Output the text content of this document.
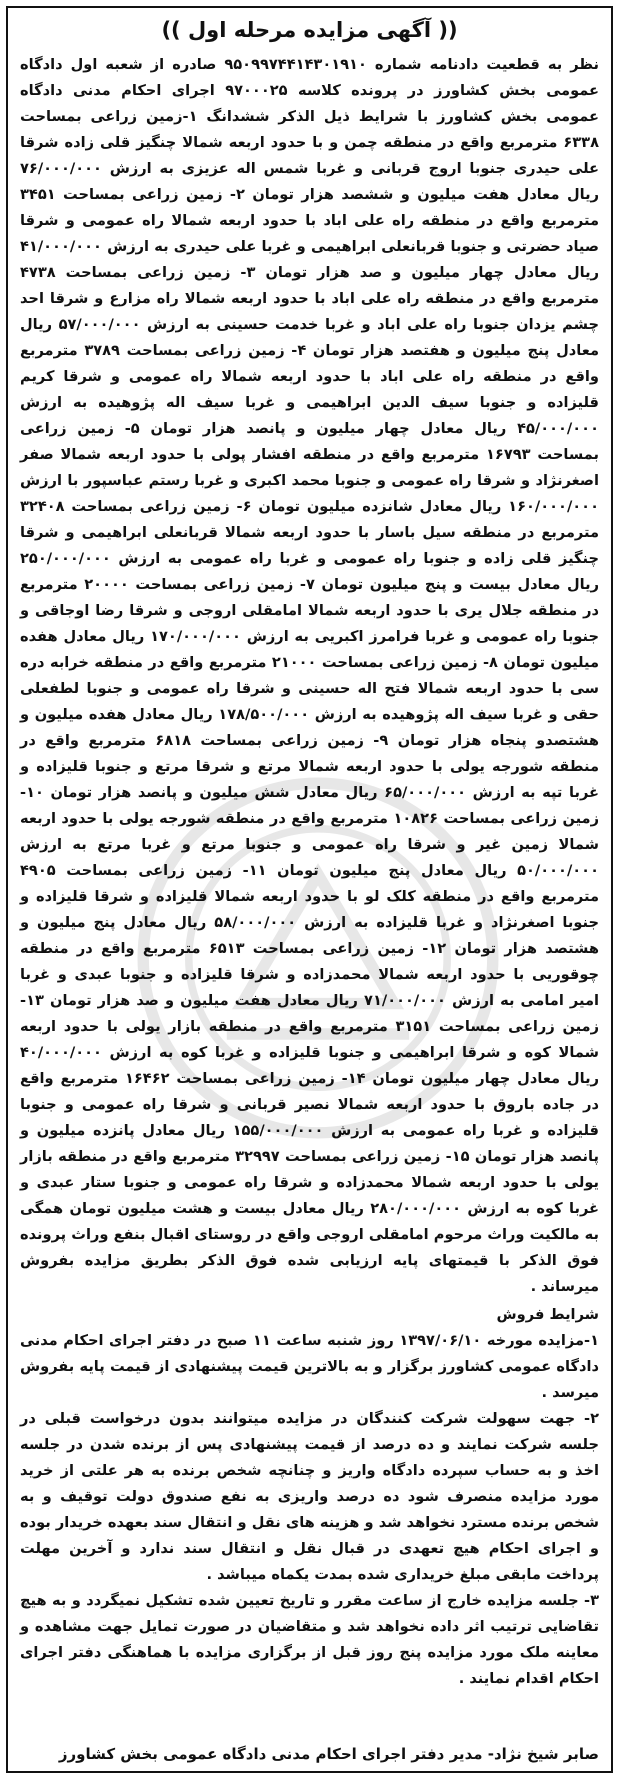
(( آگهی مزایده مرحله اول ))

نظر به قطعیت دادنامه شماره ۹۵۰۹۹۷۴۴۱۴۳۰۱۹۱۰ صادره از شعبه اول دادگاه عمومی بخش کشاورز در پرونده کلاسه ۹۷۰۰۰۲۵ اجرای احکام مدنی دادگاه عمومی بخش کشاورز با شرایط ذیل الذکر ششدانگ ۱-زمین زراعی بمساحت ۶۳۳۸ مترمربع واقع در منطقه چمن و با حدود اربعه شمالا چنگیز قلی زاده شرقا علی حیدری جنوبا اروج قربانی و غربا شمس اله عزیزی به ارزش ۷۶/۰۰۰/۰۰۰ ریال معادل هفت میلیون و ششصد هزار تومان ۲- زمین زراعی بمساحت ۳۴۵۱ مترمربع واقع در منطقه راه علی اباد با حدود اربعه شمالا راه عمومی و شرقا صیاد حضرتی و جنوبا قربانعلی ابراهیمی و غربا علی حیدری به ارزش ۴۱/۰۰۰/۰۰۰ ریال معادل چهار میلیون و صد هزار تومان ۳- زمین زراعی بمساحت ۴۷۳۸ مترمربع واقع در منطقه راه علی اباد با حدود اربعه شمالا راه مزارع و شرقا احد چشم یزدان جنوبا راه علی اباد و غربا خدمت حسینی به ارزش ۵۷/۰۰۰/۰۰۰ ریال معادل پنج میلیون و هفتصد هزار تومان ۴- زمین زراعی بمساحت ۳۷۸۹ مترمربع واقع در منطقه راه علی اباد با حدود اربعه شمالا راه عمومی و شرقا کریم قلیزاده و جنوبا سیف الدین ابراهیمی و غربا سیف اله پژوهیده به ارزش ۴۵/۰۰۰/۰۰۰ ریال معادل چهار میلیون و پانصد هزار تومان ۵- زمین زراعی بمساحت ۱۶۷۹۳ مترمربع واقع در منطقه افشار پولی با حدود اربعه شمالا صفر اصغرنژاد و شرقا راه عمومی و جنوبا محمد اکبری و غربا رستم عباسپور با ارزش ۱۶۰/۰۰۰/۰۰۰ ریال معادل شانزده میلیون تومان ۶- زمین زراعی بمساحت ۳۲۴۰۸ مترمربع در منطقه سیل باسار با حدود اربعه شمالا قربانعلی ابراهیمی و شرقا چنگیز قلی زاده و جنوبا راه عمومی و غربا راه عمومی به ارزش ۲۵۰/۰۰۰/۰۰۰ ریال معادل بیست و پنج میلیون تومان ۷- زمین زراعی بمساحت ۲۰۰۰۰ مترمربع در منطقه جلال یری با حدود اربعه شمالا امامقلی اروجی و شرقا رضا اوجاقی و جنوبا راه عمومی و غربا فرامرز اکبریی به ارزش ۱۷۰/۰۰۰/۰۰۰ ریال معادل هفده میلیون تومان ۸- زمین زراعی بمساحت ۲۱۰۰۰ مترمربع واقع در منطقه خرابه دره سی با حدود اربعه شمالا فتح اله حسینی و شرقا راه عمومی و جنوبا لطفعلی حقی و غربا سیف اله پژوهیده به ارزش ۱۷۸/۵۰۰/۰۰۰ ریال معادل هفده میلیون و هشتصدو پنجاه هزار تومان ۹- زمین زراعی بمساحت ۶۸۱۸ مترمربع واقع در منطقه شورجه یولی با حدود اربعه شمالا مرتع و شرقا مرتع و جنوبا قلیزاده و غربا تپه به ارزش ۶۵/۰۰۰/۰۰۰ ریال معادل شش میلیون و پانصد هزار تومان ۱۰- زمین زراعی بمساحت ۱۰۸۲۶ مترمربع واقع در منطقه شورجه یولی با حدود اربعه شمالا زمین غیر و شرقا راه عمومی و جنوبا مرتع و غربا مرتع به ارزش ۵۰/۰۰۰/۰۰۰ ریال معادل پنج میلیون تومان ۱۱- زمین زراعی بمساحت ۴۹۰۵ مترمربع واقع در منطقه کلک لو با حدود اربعه شمالا قلیزاده و شرقا قلیزاده و جنوبا اصغرنژاد و غربا قلیزاده به ارزش ۵۸/۰۰۰/۰۰۰ ریال معادل پنج میلیون و هشتصد هزار تومان ۱۲- زمین زراعی بمساحت ۶۵۱۳ مترمربع واقع در منطقه چوقوریی با حدود اربعه شمالا محمدزاده و شرقا قلیزاده و جنوبا عبدی و غربا امیر امامی به ارزش ۷۱/۰۰۰/۰۰۰ ریال معادل هفت میلیون و صد هزار تومان ۱۳- زمین زراعی بمساحت ۳۱۵۱ مترمربع واقع در منطقه بازار یولی با حدود اربعه شمالا کوه و شرقا ابراهیمی و جنوبا قلیزاده و غربا کوه به ارزش ۴۰/۰۰۰/۰۰۰ ریال معادل چهار میلیون تومان ۱۴- زمین زراعی بمساحت ۱۶۴۶۲ مترمربع واقع در جاده باروق با حدود اربعه شمالا نصیر قربانی و شرقا راه عمومی و جنوبا قلیزاده و غربا راه عمومی به ارزش ۱۵۵/۰۰۰/۰۰۰ ریال معادل پانزده میلیون و پانصد هزار تومان ۱۵- زمین زراعی بمساحت ۳۲۹۹۷ مترمربع واقع در منطقه بازار یولی با حدود اربعه شمالا محمدزاده و شرقا راه عمومی و جنوبا ستار عبدی و غربا کوه به ارزش ۲۸۰/۰۰۰/۰۰۰ ریال معادل بیست و هشت میلیون تومان همگی به مالکیت وراث مرحوم امامقلی اروجی واقع در روستای اقبال بنفع وراث پرونده فوق الذکر با قیمتهای پایه ارزیابی شده فوق الذکر بطریق مزایده بفروش میرساند .

شرایط فروش

۱-مزایده مورخه ۱۳۹۷/۰۶/۱۰ روز شنبه ساعت ۱۱ صبح در دفتر اجرای احکام مدنی دادگاه عمومی کشاورز برگزار و به بالاترین قیمت پیشنهادی از قیمت پایه بفروش میرسد .

۲- جهت سهولت شرکت کنندگان در مزایده میتوانند بدون درخواست قبلی در جلسه شرکت نمایند و ده درصد از قیمت پیشنهادی پس از برنده شدن در جلسه اخذ و به حساب سپرده دادگاه واریز و چنانچه شخص برنده به هر علتی از خرید مورد مزایده منصرف شود ده درصد واریزی به نفع صندوق دولت توقیف و به شخص برنده مسترد نخواهد شد و هزینه های نقل و انتقال سند بعهده خریدار بوده و اجرای احکام هیچ تعهدی در قبال نقل و انتقال سند ندارد و آخرین مهلت پرداخت مابقی مبلغ خریداری شده بمدت یکماه میباشد .

۳- جلسه مزایده خارج از ساعت مقرر و تاریخ تعیین شده تشکیل نمیگردد و به هیچ تقاضایی ترتیب اثر داده نخواهد شد و متقاضیان در صورت تمایل جهت مشاهده و معاینه ملک مورد مزایده پنج روز قبل از برگزاری مزایده با هماهنگی دفتر اجرای احکام اقدام نمایند .

صابر شیخ نژاد- مدیر دفتر اجرای احکام مدنی دادگاه عمومی بخش کشاورز
